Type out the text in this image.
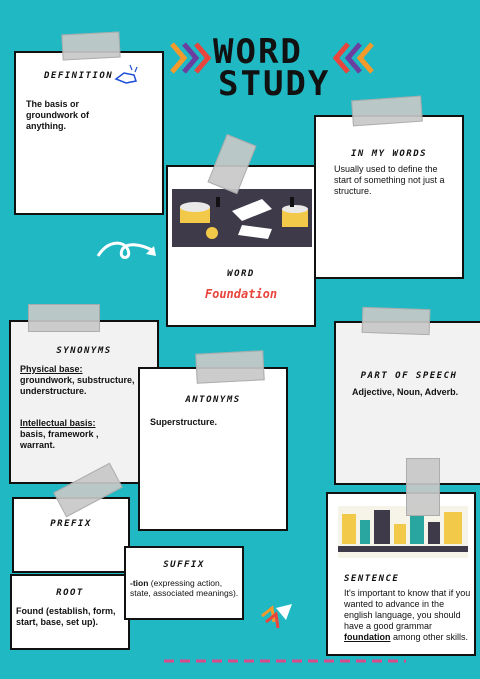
WORD
STUDY
DEFINITION
The basis or groundwork of anything.
IN MY WORDS
Usually used to define the start of something not just a structure.
WORD
Foundation
SYNONYMS
Physical base:
groundwork, substructure, understructure.
Intellectual basis:
basis, framework , warrant.
PART OF SPEECH
Adjective, Noun, Adverb.
ANTONYMS
Superstructure.
SENTENCE
It's important to know that if you wanted to advance in the english language, you should have a good grammar foundation among other skills.
PREFIX
ROOT
Found (establish, form, start, base, set up).
SUFFIX
-tion (expressing action, state, associated meanings).
